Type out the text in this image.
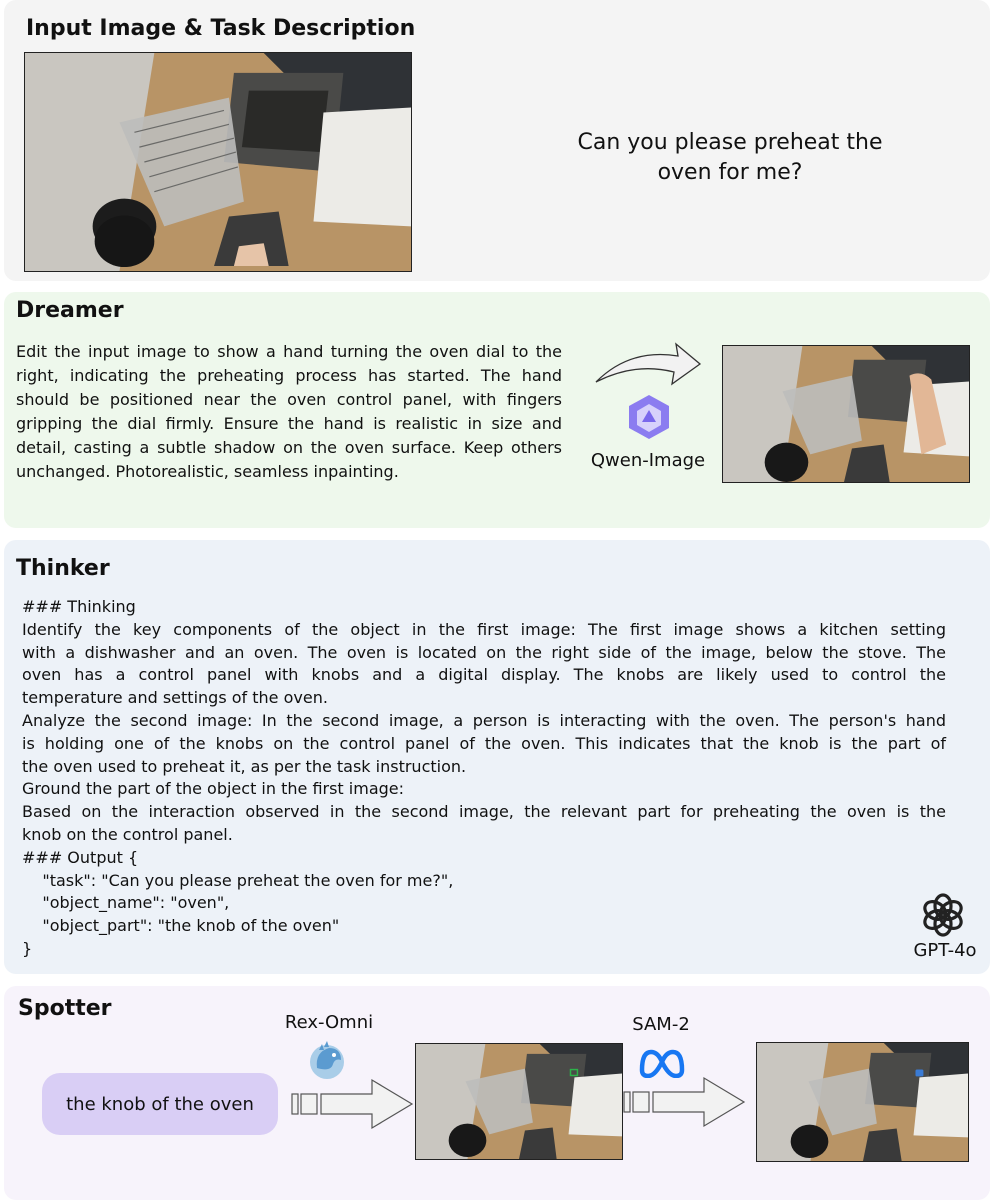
Input Image & Task Description
Can you please preheat the oven for me?
Dreamer

Edit the input image to show a hand turning the oven dial to the right, indicating the preheating process has started. The hand should be positioned near the oven control panel, with fingers gripping the dial firmly. Ensure the hand is realistic in size and detail, casting a subtle shadow on the oven surface. Keep others unchanged. Photorealistic, seamless inpainting.

Qwen-Image
Thinker
### Thinking
Identify the key components of the object in the first image: The first image shows a kitchen setting
with a dishwasher and an oven. The oven is located on the right side of the image, below the stove. The
oven has a control panel with knobs and a digital display. The knobs are likely used to control the
temperature and settings of the oven.
Analyze the second image: In the second image, a person is interacting with the oven. The person's hand
is holding one of the knobs on the control panel of the oven. This indicates that the knob is the part of
the oven used to preheat it, as per the task instruction.
Ground the part of the object in the first image:
Based on the interaction observed in the second image, the relevant part for preheating the oven is the
knob on the control panel.
### Output {
"task": "Can you please preheat the oven for me?",
"object_name": "oven",
"object_part": "the knob of the oven"
}	GPT-4o
Spotter
the knob of the oven
Rex-Omni	SAM-2
